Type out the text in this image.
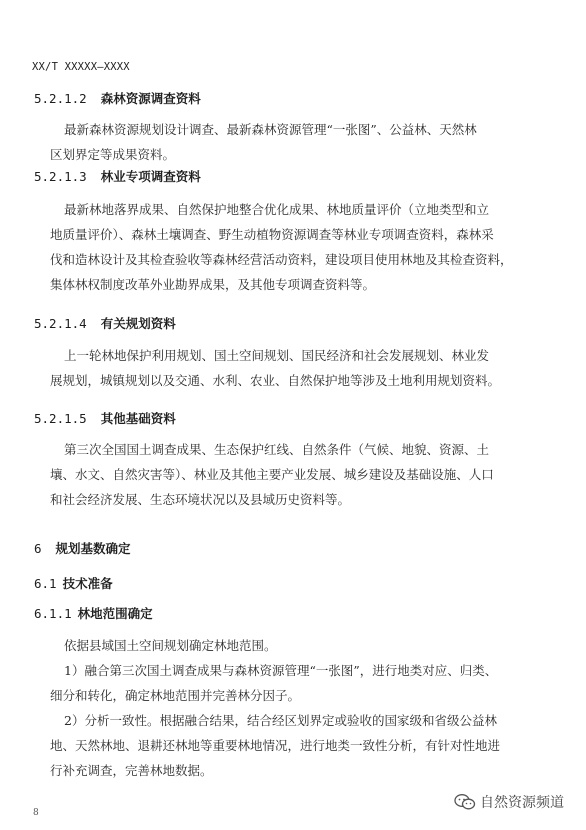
XX/T XXXXX—XXXX
5.2.1.2 森林资源调查资料
最新森林资源规划设计调查、最新森林资源管理“一张图”、公益林、天然林
区划界定等成果资料。
5.2.1.3 林业专项调查资料
最新林地落界成果、自然保护地整合优化成果、林地质量评价（立地类型和立
地质量评价）、森林土壤调查、野生动植物资源调查等林业专项调查资料，森林采
伐和造林设计及其检查验收等森林经营活动资料，建设项目使用林地及其检查资料，
集体林权制度改革外业勘界成果，及其他专项调查资料等。
5.2.1.4 有关规划资料
上一轮林地保护利用规划、国土空间规划、国民经济和社会发展规划、林业发
展规划，城镇规划以及交通、水利、农业、自然保护地等涉及土地利用规划资料。
5.2.1.5 其他基础资料
第三次全国国土调查成果、生态保护红线、自然条件（气候、地貌、资源、土
壤、水文、自然灾害等）、林业及其他主要产业发展、城乡建设及基础设施、人口
和社会经济发展、生态环境状况以及县域历史资料等。
6 规划基数确定
6.1 技术准备
6.1.1 林地范围确定
依据县域国土空间规划确定林地范围。
1）融合第三次国土调查成果与森林资源管理“一张图”，进行地类对应、归类、
细分和转化，确定林地范围并完善林分因子。
2）分析一致性。根据融合结果，结合经区划界定或验收的国家级和省级公益林
地、天然林地、退耕还林地等重要林地情况，进行地类一致性分析，有针对性地进
行补充调查，完善林地数据。
8
自然资源频道
